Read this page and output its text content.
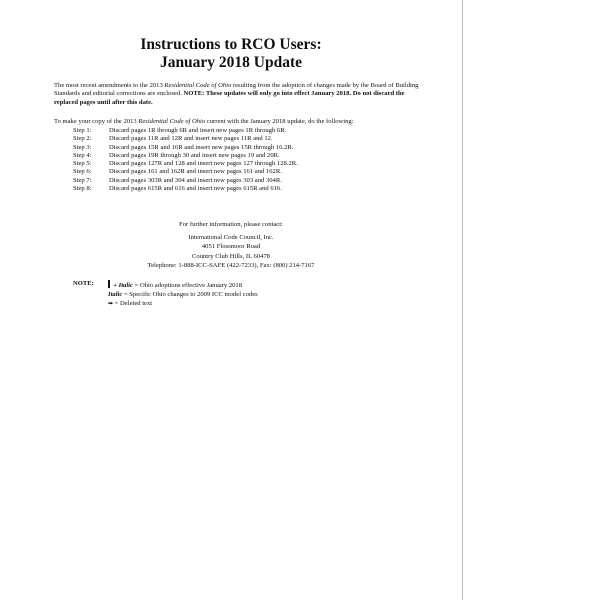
Instructions to RCO Users:
January 2018 Update
The most recent amendments to the 2013 Residential Code of Ohio resulting from the adoption of changes made by the Board of Building Standards and editorial corrections are enclosed. NOTE: These updates will only go into effect January 2018. Do not discard the replaced pages until after this date.
To make your copy of the 2013 Residential Code of Ohio current with the January 2018 update, do the following:
Step 1:	Discard pages 1R through 6R and insert new pages 1R through 6R.
Step 2:	Discard pages 11R and 12R and insert new pages 11R and 12.
Step 3:	Discard pages 15R and 16R and insert new pages 15R through 16.2R.
Step 4:	Discard pages 19R through 30 and insert new pages 19 and 20R.
Step 5:	Discard pages 127R and 128 and insert new pages 127 through 128.2R.
Step 6:	Discard pages 161 and 162R and insert new pages 161 and 162R.
Step 7:	Discard pages 303R and 304 and insert new pages 303 and 304R.
Step 8:	Discard pages 615R and 616 and insert new pages 615R and 616.
For further information, please contact:
International Code Council, Inc.
4051 Flossmoor Road
Country Club Hills, IL 60478
Telephone: 1-888-ICC-SAFE (422-7233), Fax: (800) 214-7167
NOTE:	+ Italic = Ohio adoptions effective January 2018
Italic = Specific Ohio changes to 2009 ICC model codes
➡ = Deleted text
